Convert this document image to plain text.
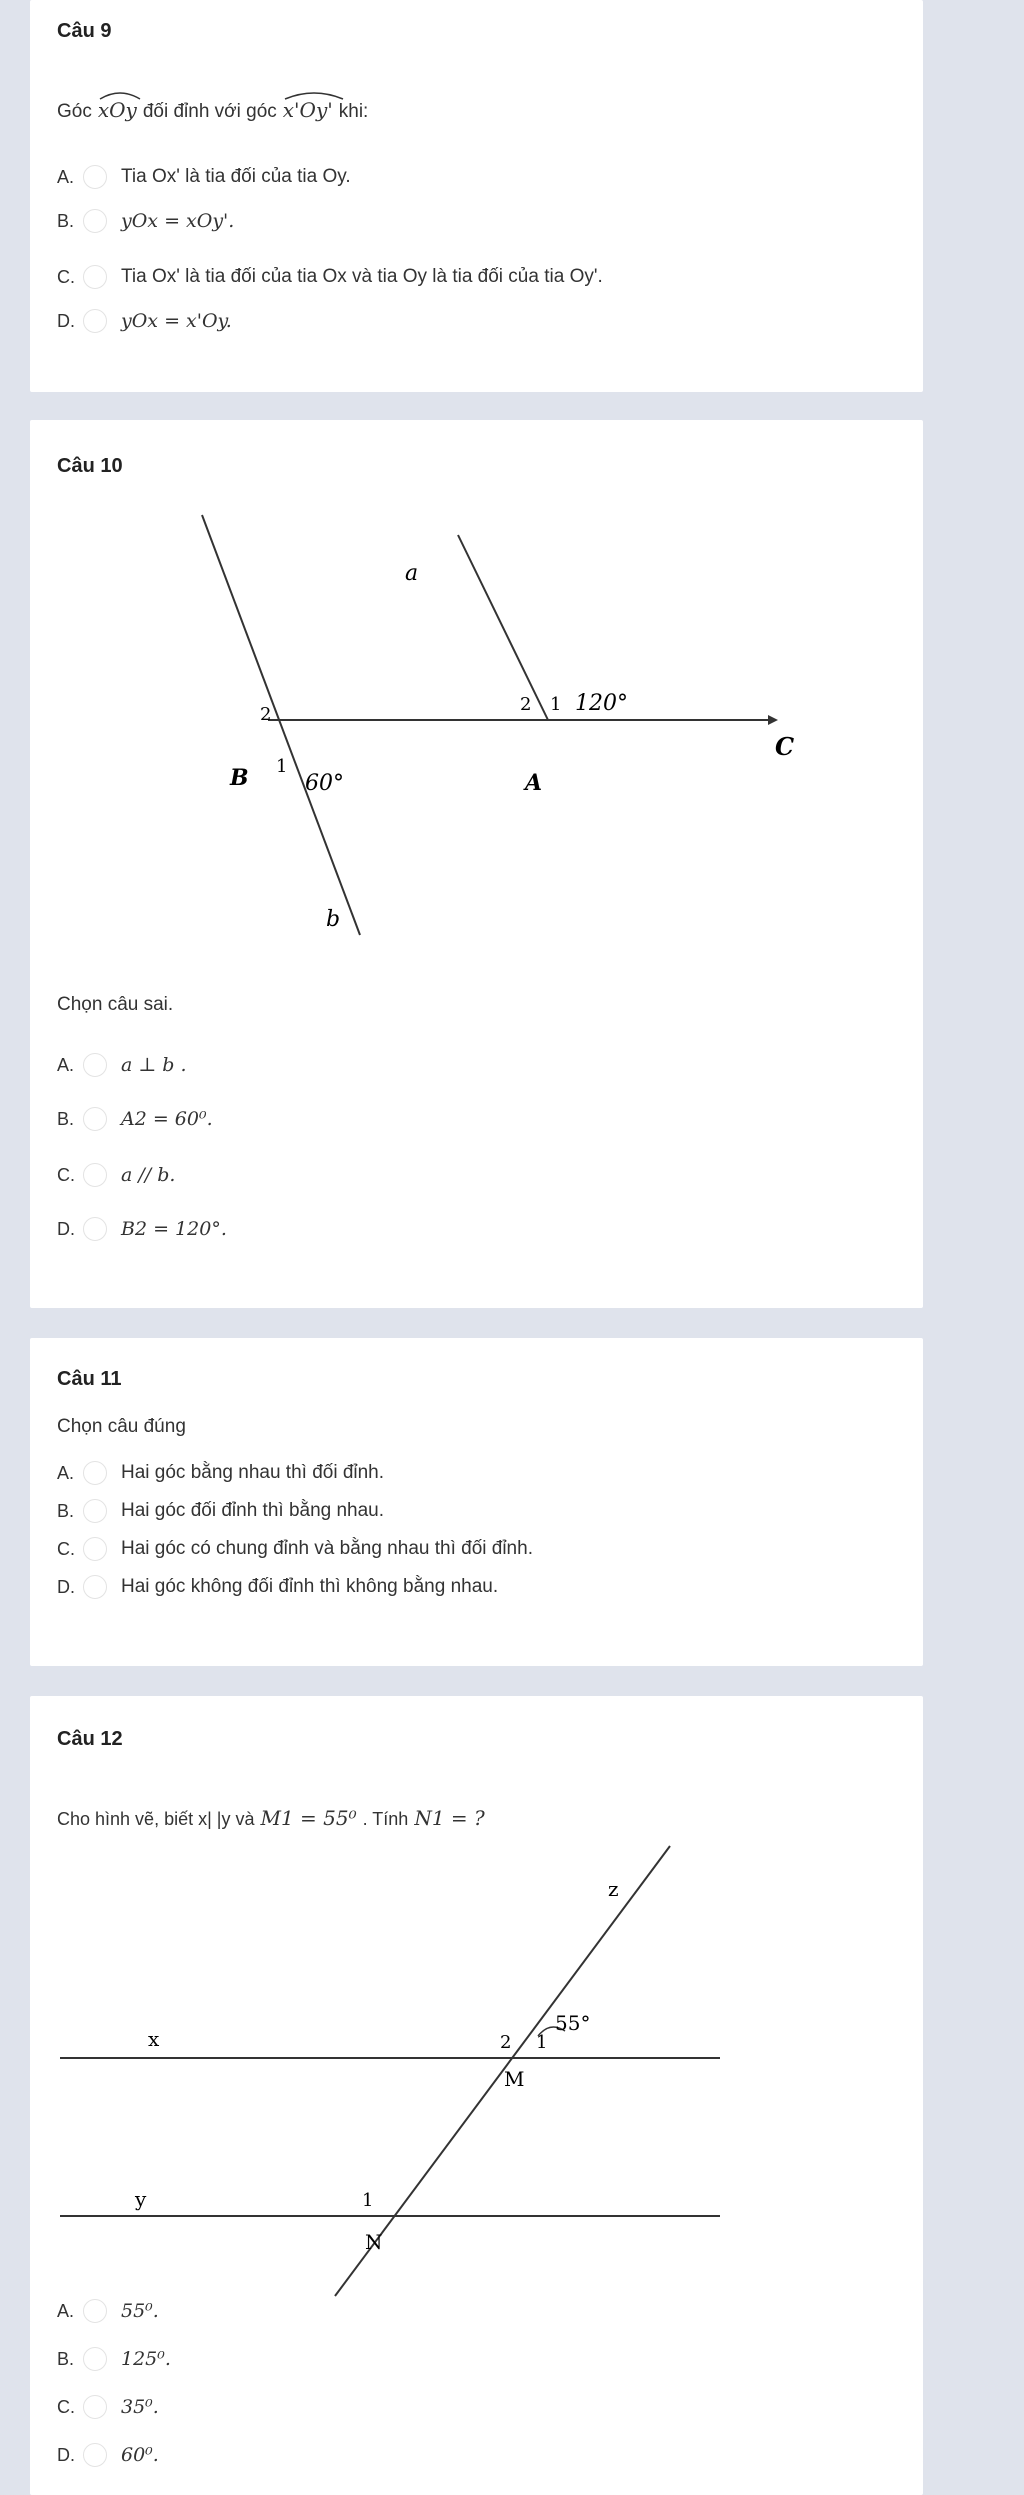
Câu 9
Góc xOy đối đỉnh với góc x'Oy' khi:
A.	Tia Ox' là tia đối của tia Oy.
B.	yOx = xOy'.
C.	Tia Ox' là tia đối của tia Ox và tia Oy là tia đối của tia Oy'.
D.	yOx = x'Oy.
Câu 10
a
b
B	A
C
2
1
60°
2 1 120°
Chọn câu sai.
A.	a ⊥ b .
B.	A2 = 60⁰.
C.	a // b.
D.	B2 = 120°.
Câu 11
Chọn câu đúng
A.	Hai góc bằng nhau thì đối đỉnh.
B.	Hai góc đối đỉnh thì bằng nhau.
C.	Hai góc có chung đỉnh và bằng nhau thì đối đỉnh.
D.	Hai góc không đối đỉnh thì không bằng nhau.
Câu 12
Cho hình vẽ, biết x| |y và M1 = 55⁰ . Tính N1 = ?
x
y
z
2 1
55°
M
1
N
A.	55⁰.
B.	125⁰.
C.	35⁰.
D.	60⁰.
